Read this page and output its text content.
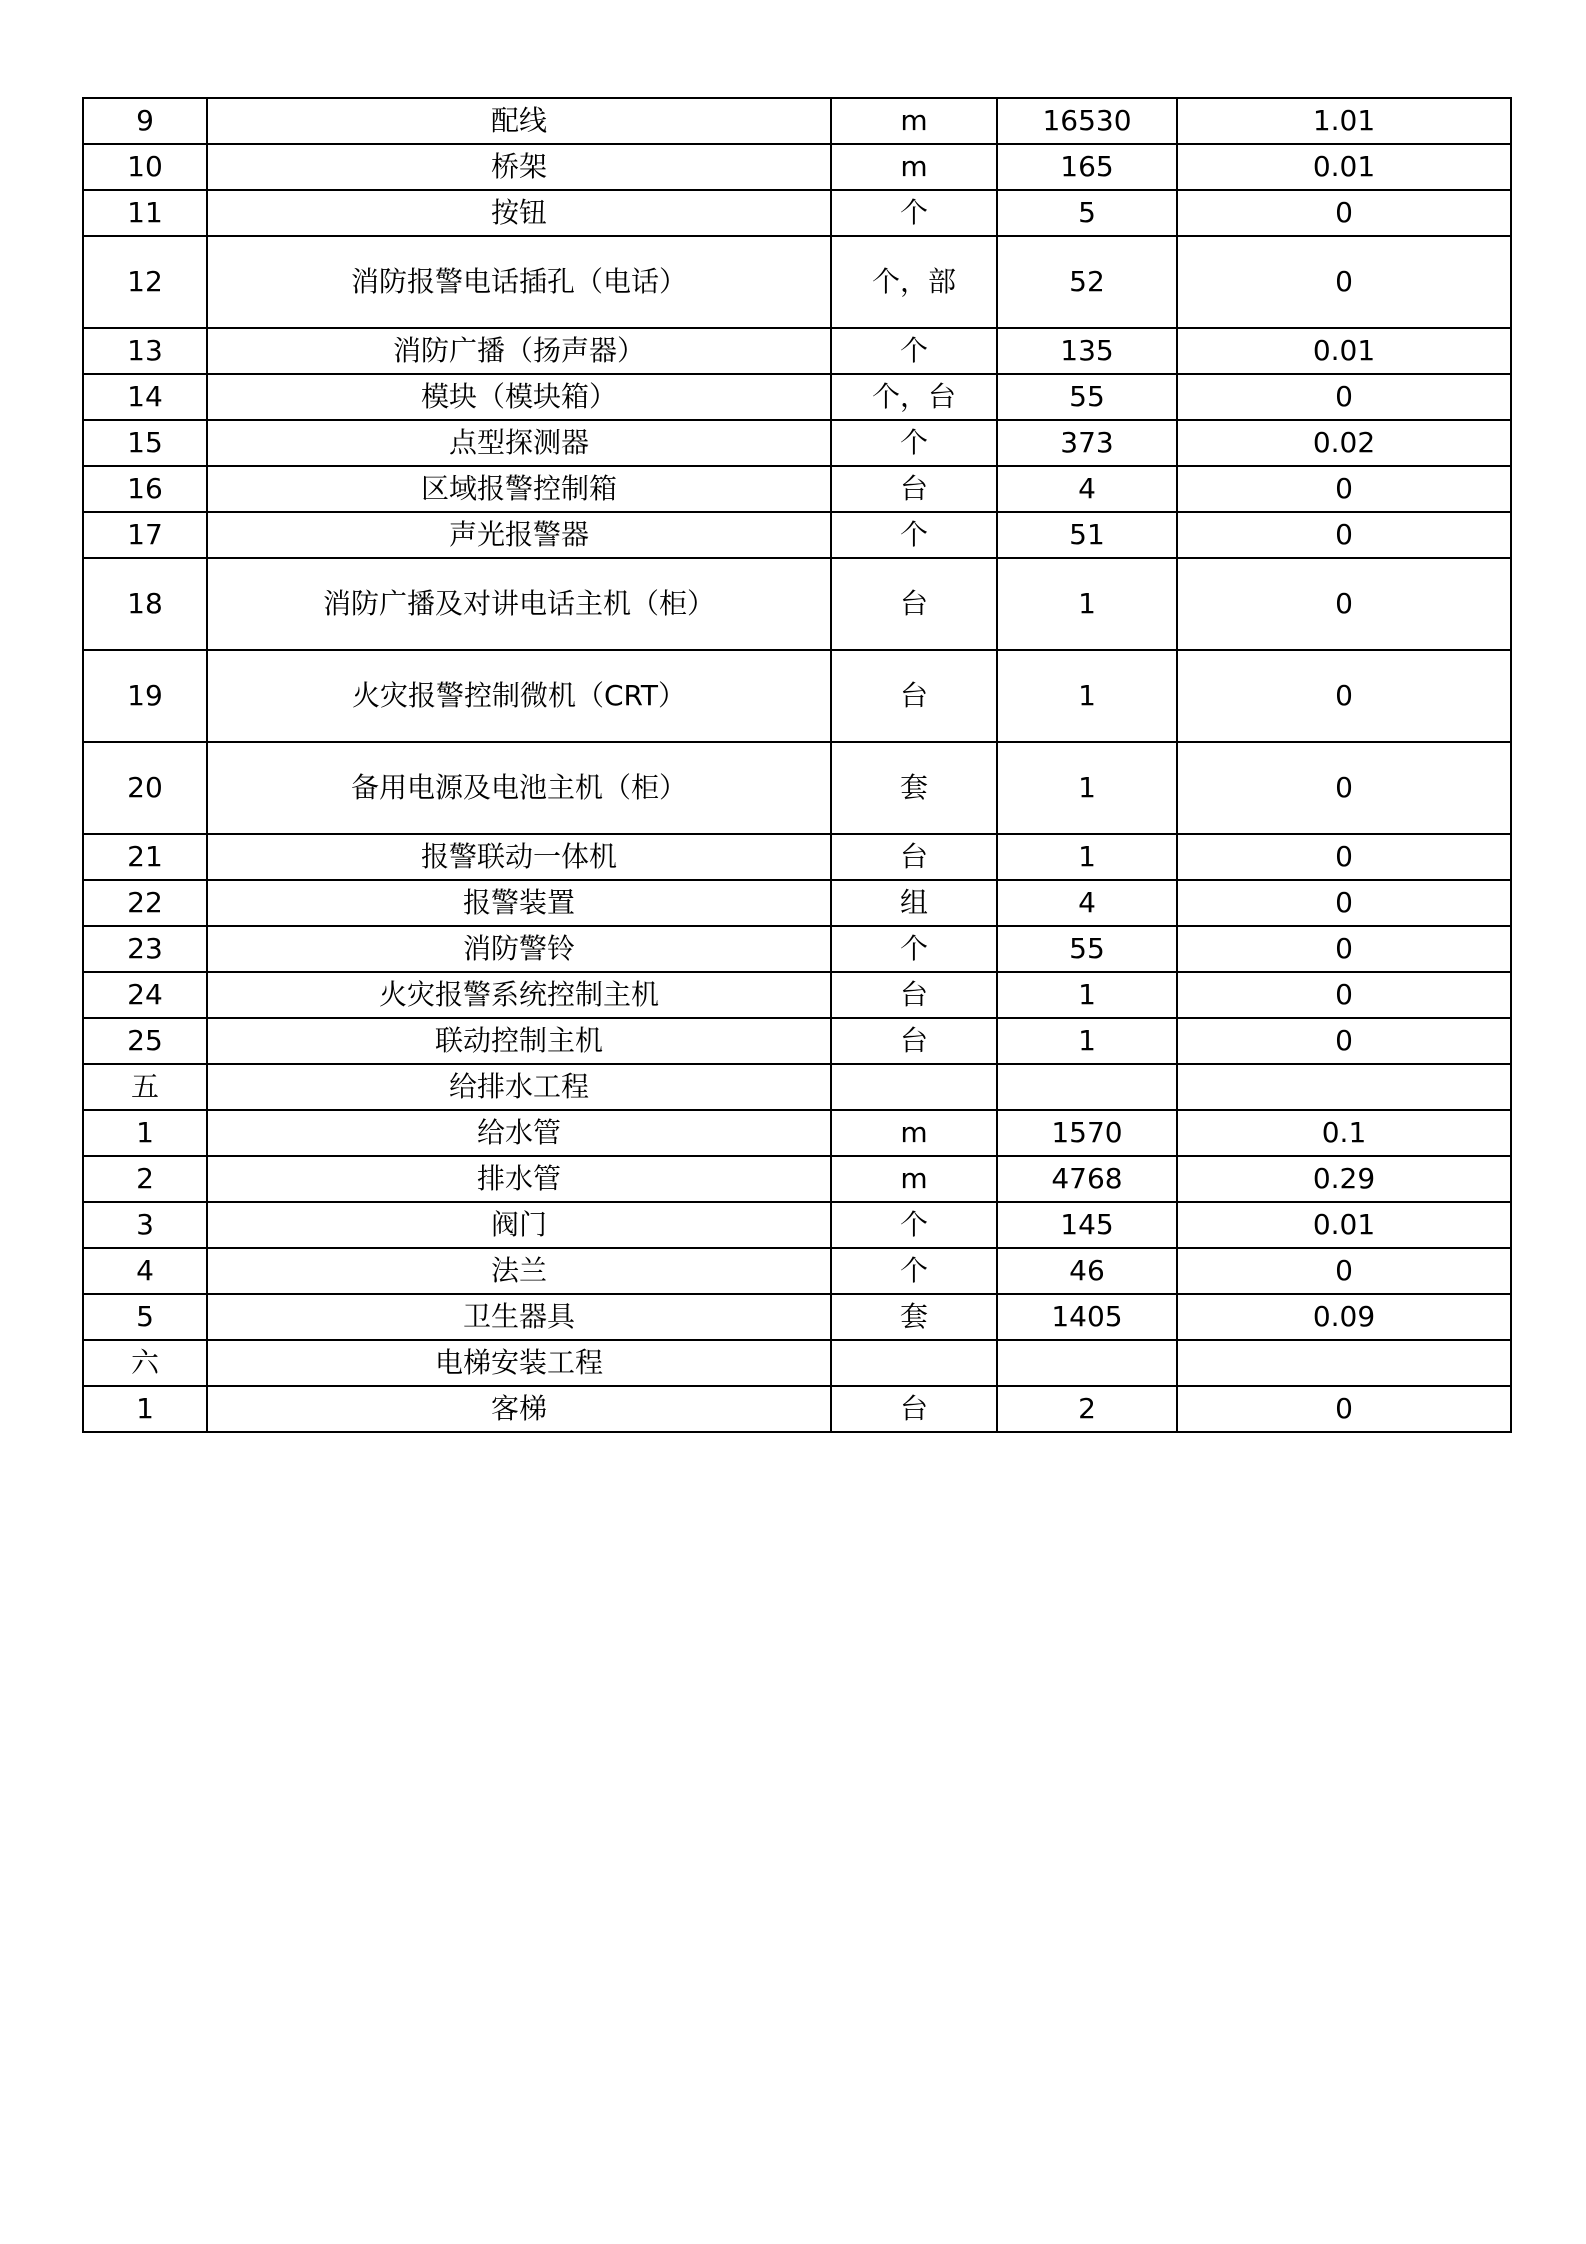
9	配线	m	16530	1.01
10	桥架	m	165	0.01
11	按钮	个	5	0
12	消防报警电话插孔（电话）	个，部	52	0
13	消防广播（扬声器）	个	135	0.01
14	模块（模块箱）	个，台	55	0
15	点型探测器	个	373	0.02
16	区域报警控制箱	台	4	0
17	声光报警器	个	51	0
18	消防广播及对讲电话主机（柜）	台	1	0
19	火灾报警控制微机（CRT）	台	1	0
20	备用电源及电池主机（柜）	套	1	0
21	报警联动一体机	台	1	0
22	报警装置	组	4	0
23	消防警铃	个	55	0
24	火灾报警系统控制主机	台	1	0
25	联动控制主机	台	1	0
五	给排水工程			
1	给水管	m	1570	0.1
2	排水管	m	4768	0.29
3	阀门	个	145	0.01
4	法兰	个	46	0
5	卫生器具	套	1405	0.09
六	电梯安装工程			
1	客梯	台	2	0
